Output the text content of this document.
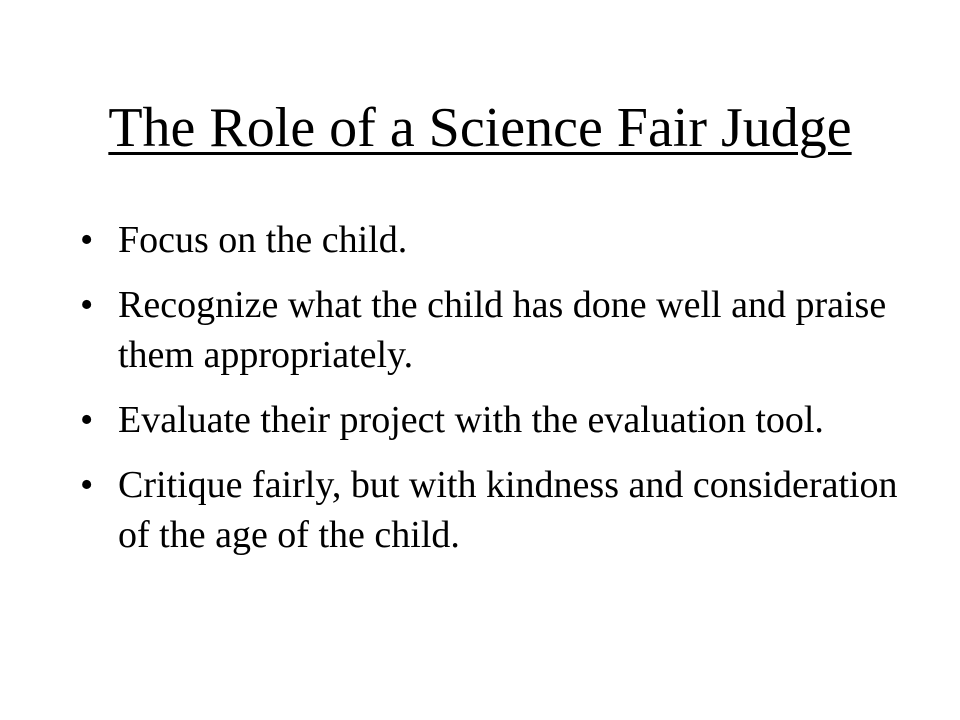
The Role of a Science Fair Judge
• Focus on the child.
• Recognize what the child has done well and praise them appropriately.
• Evaluate their project with the evaluation tool.
• Critique fairly, but with kindness and consideration of the age of the child.
